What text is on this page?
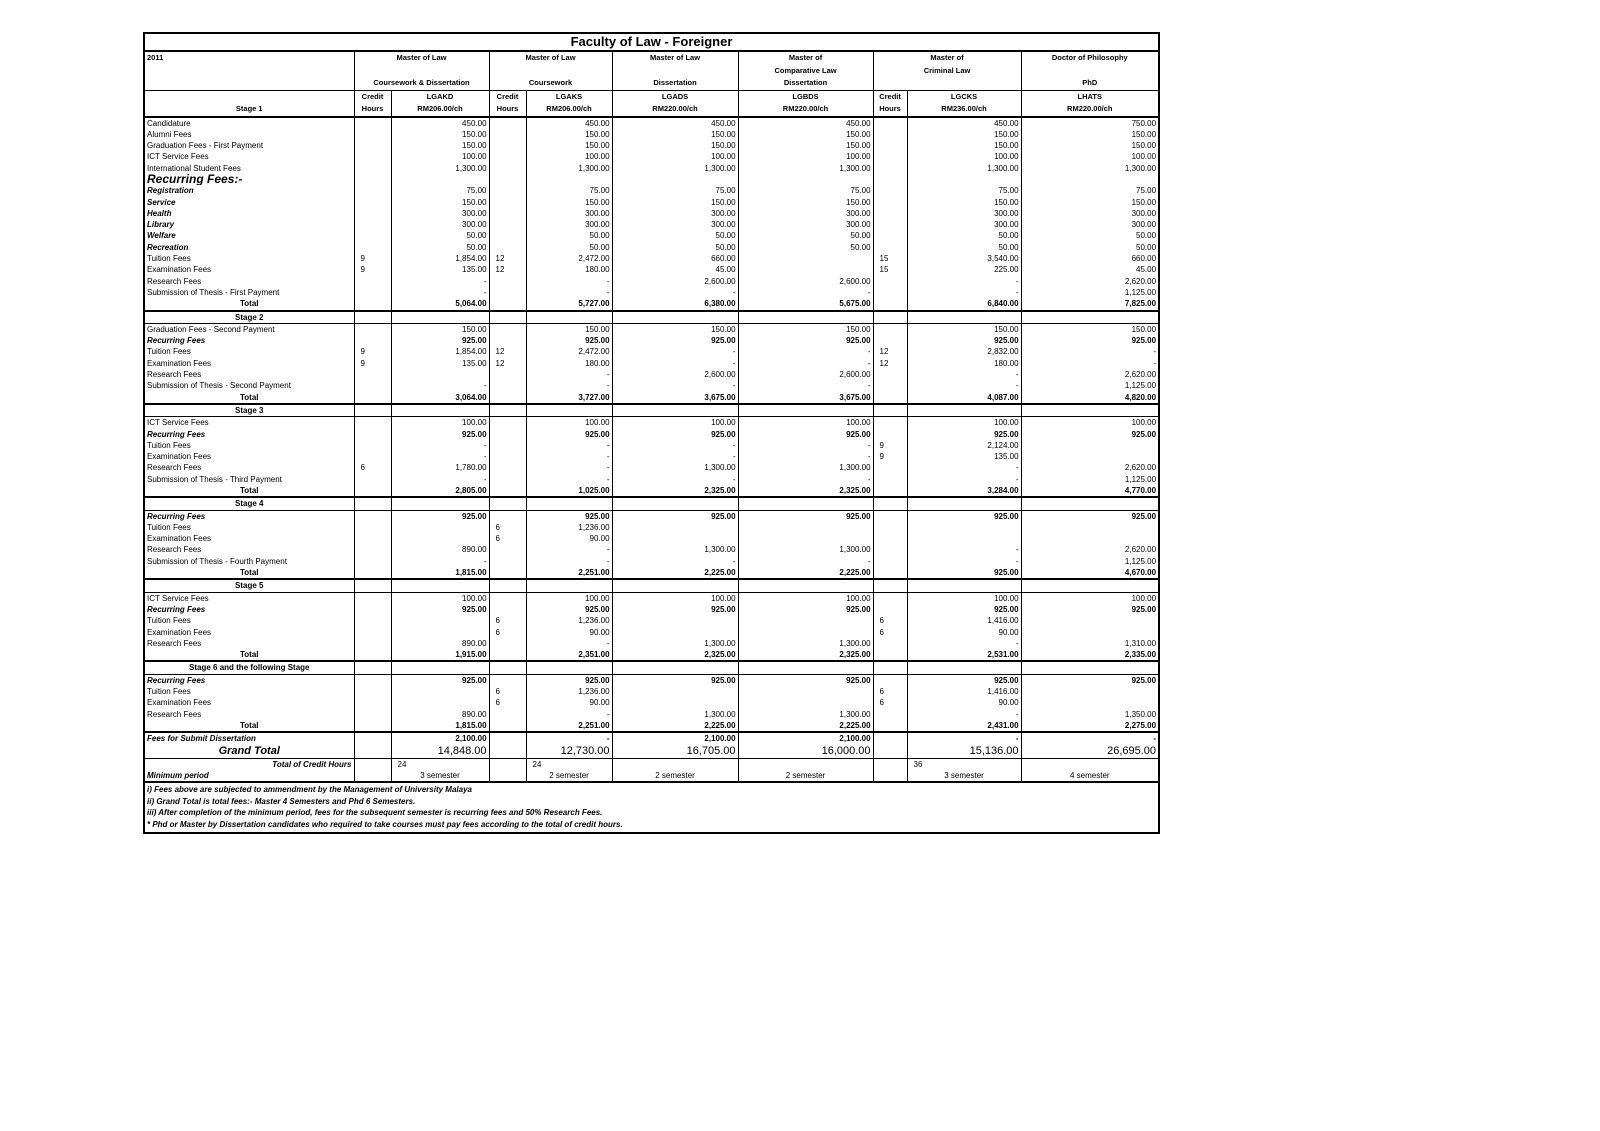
Faculty of Law - Foreigner
2011	Master of Law		Master of Law		Master of Law	Master of	Master of		Doctor of Philosophy
						Comparative Law	Criminal Law		
	Coursework & Dissertation		Coursework		Dissertation	Dissertation			PhD
	Credit	LGAKD	Credit	LGAKS	LGADS	LGBDS	Credit	LGCKS	LHATS
Stage 1	Hours	RM206.00/ch	Hours	RM206.00/ch	RM220.00/ch	RM220.00/ch	Hours	RM236.00/ch	RM220.00/ch
Candidature		450.00		450.00	450.00	450.00		450.00	750.00
Alumni Fees		150.00		150.00	150.00	150.00		150.00	150.00
Graduation Fees - First Payment		150.00		150.00	150.00	150.00		150.00	150.00
ICT Service Fees		100.00		100.00	100.00	100.00		100.00	100.00
International Student Fees		1,300.00		1,300.00	1,300.00	1,300.00		1,300.00	1,300.00
Recurring Fees:-									
Registration		75.00		75.00	75.00	75.00		75.00	75.00
Service		150.00		150.00	150.00	150.00		150.00	150.00
Health		300.00		300.00	300.00	300.00		300.00	300.00
Library		300.00		300.00	300.00	300.00		300.00	300.00
Welfare		50.00		50.00	50.00	50.00		50.00	50.00
Recreation		50.00		50.00	50.00	50.00		50.00	50.00
Tuition Fees	9	1,854.00	12	2,472.00	660.00		15	3,540.00	660.00
Examination Fees	9	135.00	12	180.00	45.00		15	225.00	45.00
Research Fees		-		-	2,600.00	2,600.00		-	2,620.00
Submission of Thesis - First Payment		-		-	-	-		-	1,125.00
Total		5,064.00		5,727.00	6,380.00	5,675.00		6,840.00	7,825.00
Stage 2									
Graduation Fees - Second Payment		150.00		150.00	150.00	150.00		150.00	150.00
Recurring Fees		925.00		925.00	925.00	925.00		925.00	925.00
Tuition Fees	9	1,854.00	12	2,472.00	-	-	12	2,832.00	-
Examination Fees	9	135.00	12	180.00	-	-	12	180.00	-
Research Fees				-	2,600.00	2,600.00		-	2,620.00
Submission of Thesis - Second Payment		-		-	-	-		-	1,125.00
Total		3,064.00		3,727.00	3,675.00	3,675.00		4,087.00	4,820.00
Stage 3									
ICT Service Fees		100.00		100.00	100.00	100.00		100.00	100.00
Recurring Fees		925.00		925.00	925.00	925.00		925.00	925.00
Tuition Fees		-		-	-	-	9	2,124.00	
Examination Fees		-		-	-	-	9	135.00	
Research Fees	6	1,780.00		-	1,300.00	1,300.00		-	2,620.00
Submission of Thesis - Third Payment		-		-	-	-		-	1,125.00
Total		2,805.00		1,025.00	2,325.00	2,325.00		3,284.00	4,770.00
Stage 4									
Recurring Fees		925.00		925.00	925.00	925.00		925.00	925.00
Tuition Fees			6	1,236.00					
Examination Fees			6	90.00					
Research Fees		890.00		-	1,300.00	1,300.00		-	2,620.00
Submission of Thesis - Fourth Payment		-		-	-	-		-	1,125.00
Total		1,815.00		2,251.00	2,225.00	2,225.00		925.00	4,670.00
Stage 5									
ICT Service Fees		100.00		100.00	100.00	100.00		100.00	100.00
Recurring Fees		925.00		925.00	925.00	925.00		925.00	925.00
Tuition Fees			6	1,236.00			6	1,416.00	
Examination Fees			6	90.00			6	90.00	
Research Fees		890.00		-	1,300.00	1,300.00		-	1,310.00
Total		1,915.00		2,351.00	2,325.00	2,325.00		2,531.00	2,335.00
Stage 6 and the following Stage									
Recurring Fees		925.00		925.00	925.00	925.00		925.00	925.00
Tuition Fees			6	1,236.00			6	1,416.00	
Examination Fees			6	90.00			6	90.00	
Research Fees		890.00		-	1,300.00	1,300.00		-	1,350.00
Total		1,815.00		2,251.00	2,225.00	2,225.00		2,431.00	2,275.00
Fees for Submit Dissertation		2,100.00		-	2,100.00	2,100.00		-	-
Grand Total		14,848.00		12,730.00	16,705.00	16,000.00		15,136.00	26,695.00
Total of Credit Hours		24		24				36	
Minimum period		3 semester		2 semester	2 semester	2 semester		3 semester	4 semester
i) Fees above are subjected to ammendment by the Management of University Malaya
ii) Grand Total is total fees:- Master 4 Semesters and Phd 6 Semesters.
iii) After completion of the minimum period, fees for the subsequent semester is recurring fees and 50% Research Fees.
* Phd or Master by Dissertation candidates who required to take courses must pay fees according to the total of credit hours.
